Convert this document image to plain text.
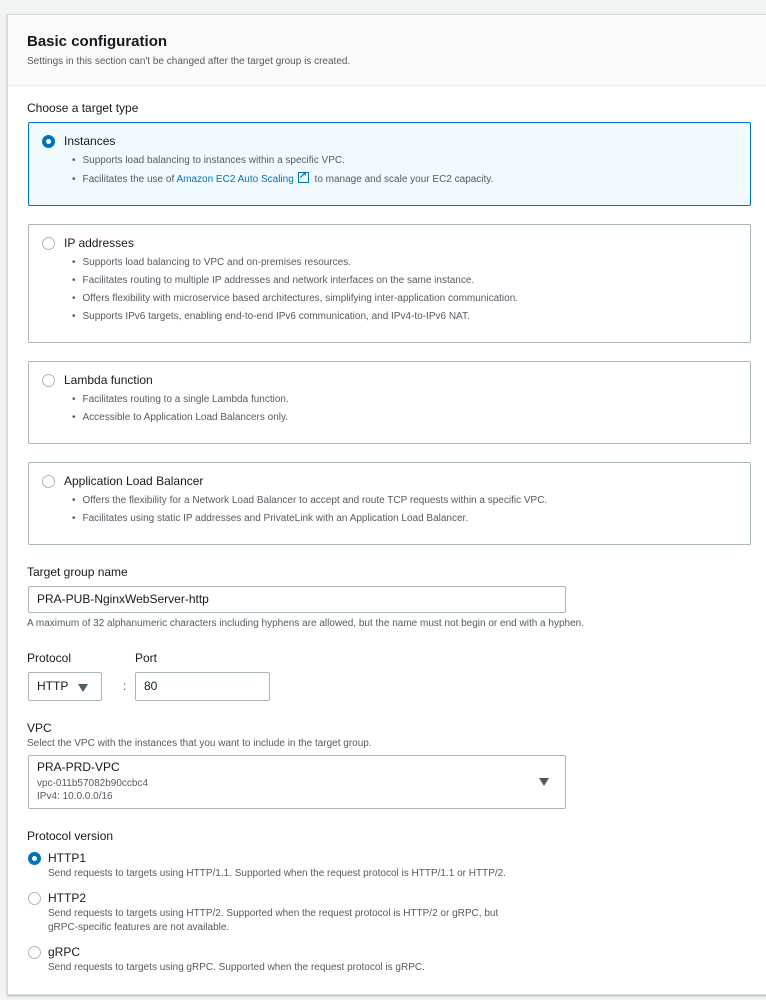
Basic configuration
Settings in this section can't be changed after the target group is created.
Choose a target type
Instances
• Supports load balancing to instances within a specific VPC.
• Facilitates the use of Amazon EC2 Auto Scaling↗ to manage and scale your EC2 capacity.
IP addresses
• Supports load balancing to VPC and on-premises resources.
• Facilitates routing to multiple IP addresses and network interfaces on the same instance.
• Offers flexibility with microservice based architectures, simplifying inter-application communication.
• Supports IPv6 targets, enabling end-to-end IPv6 communication, and IPv4-to-IPv6 NAT.
Lambda function
• Facilitates routing to a single Lambda function.
• Accessible to Application Load Balancers only.
Application Load Balancer
• Offers the flexibility for a Network Load Balancer to accept and route TCP requests within a specific VPC.
• Facilitates using static IP addresses and PrivateLink with an Application Load Balancer.
Target group name
PRA-PUB-NginxWebServer-http
A maximum of 32 alphanumeric characters including hyphens are allowed, but the name must not begin or end with a hyphen.
Protocol	Port
HTTP	:	80
VPC
Select the VPC with the instances that you want to include in the target group.
PRA-PRD-VPC
vpc-011b57082b90ccbc4
IPv4: 10.0.0.0/16
Protocol version
HTTP1
Send requests to targets using HTTP/1.1. Supported when the request protocol is HTTP/1.1 or HTTP/2.
HTTP2
Send requests to targets using HTTP/2. Supported when the request protocol is HTTP/2 or gRPC, but
gRPC-specific features are not available.
gRPC
Send requests to targets using gRPC. Supported when the request protocol is gRPC.
